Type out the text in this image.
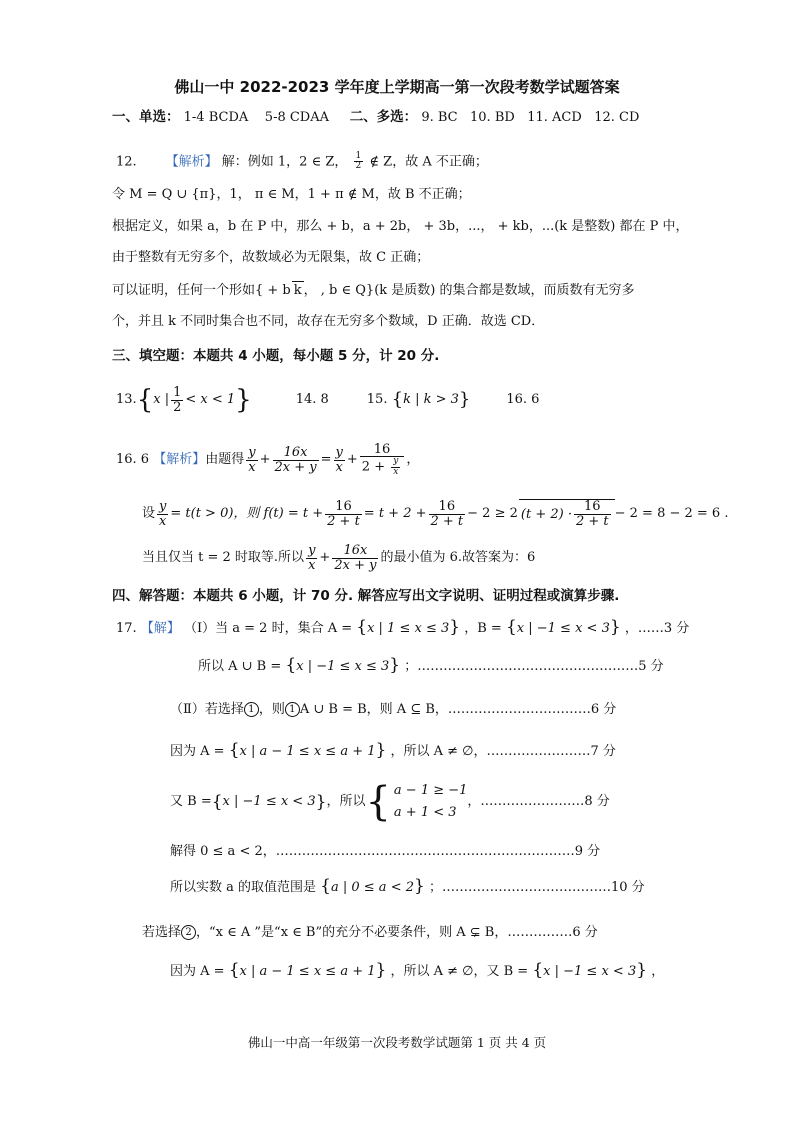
佛山一中 2022-2023 学年度上学期高一第一次段考数学试题答案
一、单选： 1-4 BCDA 5-8 CDAA 二、多选： 9. BC 10. BD 11. ACD 12. CD
12. 【解析】 解：例如 1，2 ∈ Z， $\frac{1}{2}$ ∉ Z，故 A 不正确；
令 M = Q ∪ {π}，1， π ∈ M，1 + π ∉ M，故 B 不正确；
根据定义，如果 a，b 在 P 中，那么 + b，a + 2b， + 3b，...， + kb，...(k 是整数) 都在 P 中，
由于整数有无穷多个，故数域必为无限集，故 C 正确；
可以证明，任何一个形如{ + b k ， , b ∈ Q}(k 是质数) 的集合都是数域，而质数有无穷多
个，并且 k 不同时集合也不同，故存在无穷多个数域，D 正确．故选 CD．
三、填空题：本题共 4 小题，每小题 5 分，计 20 分.
13. { x | $\frac{1}{2} < x < 1$ }	14. 8	15.
{ k | k > 3 }	16. 6
16. 6
【解析】 由题得 $\frac{y}{x} + \frac{16x}{2x + y} = \frac{y}{x} + \frac{16}{2 + \frac{y}{x}}$ ，
设 $\frac{y}{x} = t(t > 0)$，则 $f(t) = t + \frac{16}{2 + t} = t + 2 + \frac{16}{2 + t} - 2 \ge 2$ $(t + 2) \cdot \frac{16}{2 + t} - 2 = 8 - 2 = 6$ .
当且仅当 t = 2 时取等.所以 $\frac{y}{x} + \frac{16x}{2x + y}$ 的最小值为 6.故答案为：6
四、解答题：本题共 6 小题，计 70 分. 解答应写出文字说明、证明过程或演算步骤.
17. 【解】 （Ⅰ）当 a = 2 时，集合 A = {x | 1 ≤ x ≤ 3} ，B = {x | −1 ≤ x < 3} ，……3 分
所以 A ∪ B = {x | −1 ≤ x ≤ 3} ；……………………………………………5 分
（Ⅱ）若选择 1 ，则 1 A ∪ B = B，则 A ⊆ B，……………………………6 分
因为 A = {x | a − 1 ≤ x ≤ a + 1} ，所以 A ≠ ∅，……………………7 分
又 B = { x | −1 ≤ x < 3 } ，所以 { a − 1 ≥ −1
a + 1 < 3
，……………………8 分
解得 0 ≤ a < 2，……………………………………………………………9 分
所以实数 a 的取值范围是 {a | 0 ≤ a < 2} ；…………………………………10 分
若选择 2 ，“x ∈ A ”是“x ∈ B”的充分不必要条件，则 A ⊊ B，……………6 分
因为 A = {x | a − 1 ≤ x ≤ a + 1} ，所以 A ≠ ∅，又 B = {x | −1 ≤ x < 3} ，
佛山一中高一年级第一次段考数学试题第 1 页 共 4 页
